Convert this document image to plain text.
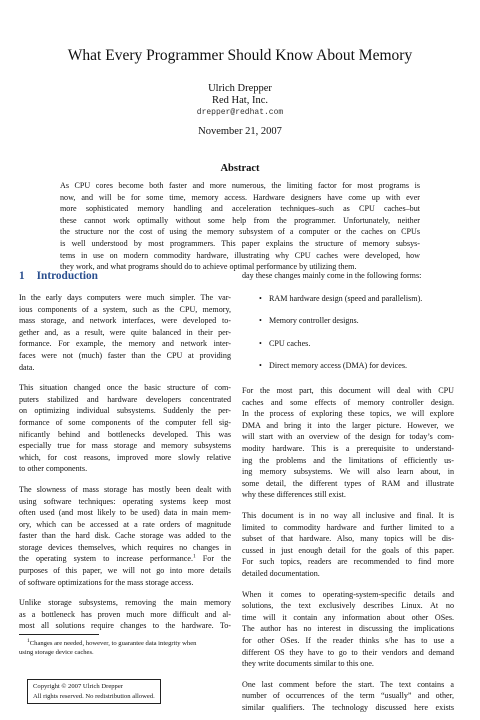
What Every Programmer Should Know About Memory
Ulrich Drepper
Red Hat, Inc.
drepper@redhat.com
November 21, 2007
Abstract
As CPU cores become both faster and more numerous, the limiting factor for most programs is
now, and will be for some time, memory access. Hardware designers have come up with ever
more sophisticated memory handling and acceleration techniques–such as CPU caches–but
these cannot work optimally without some help from the programmer. Unfortunately, neither
the structure nor the cost of using the memory subsystem of a computer or the caches on CPUs
is well understood by most programmers. This paper explains the structure of memory subsys-
tems in use on modern commodity hardware, illustrating why CPU caches were developed, how
they work, and what programs should do to achieve optimal performance by utilizing them.
1 Introduction
In the early days computers were much simpler. The var-
ious components of a system, such as the CPU, memory,
mass storage, and network interfaces, were developed to-
gether and, as a result, were quite balanced in their per-
formance. For example, the memory and network inter-
faces were not (much) faster than the CPU at providing
data.
This situation changed once the basic structure of com-
puters stabilized and hardware developers concentrated
on optimizing individual subsystems. Suddenly the per-
formance of some components of the computer fell sig-
nificantly behind and bottlenecks developed. This was
especially true for mass storage and memory subsystems
which, for cost reasons, improved more slowly relative
to other components.
The slowness of mass storage has mostly been dealt with
using software techniques: operating systems keep most
often used (and most likely to be used) data in main mem-
ory, which can be accessed at a rate orders of magnitude
faster than the hard disk. Cache storage was added to the
storage devices themselves, which requires no changes in
the operating system to increase performance.$^1$ For the
purposes of this paper, we will not go into more details
of software optimizations for the mass storage access.
Unlike storage subsystems, removing the main memory
as a bottleneck has proven much more difficult and al-
most all solutions require changes to the hardware. To-
$^1$Changes are needed, however, to guarantee data integrity when
using storage device caches.
Copyright © 2007 Ulrich Drepper
All rights reserved. No redistribution allowed.
day these changes mainly come in the following forms:
• RAM hardware design (speed and parallelism).
• Memory controller designs.
• CPU caches.
• Direct memory access (DMA) for devices.
For the most part, this document will deal with CPU
caches and some effects of memory controller design.
In the process of exploring these topics, we will explore
DMA and bring it into the larger picture. However, we
will start with an overview of the design for today’s com-
modity hardware. This is a prerequisite to understand-
ing the problems and the limitations of efficiently us-
ing memory subsystems. We will also learn about, in
some detail, the different types of RAM and illustrate
why these differences still exist.
This document is in no way all inclusive and final. It is
limited to commodity hardware and further limited to a
subset of that hardware. Also, many topics will be dis-
cussed in just enough detail for the goals of this paper.
For such topics, readers are recommended to find more
detailed documentation.
When it comes to operating-system-specific details and
solutions, the text exclusively describes Linux. At no
time will it contain any information about other OSes.
The author has no interest in discussing the implications
for other OSes. If the reader thinks s/he has to use a
different OS they have to go to their vendors and demand
they write documents similar to this one.
One last comment before the start. The text contains a
number of occurrences of the term “usually” and other,
similar qualifiers. The technology discussed here exists
